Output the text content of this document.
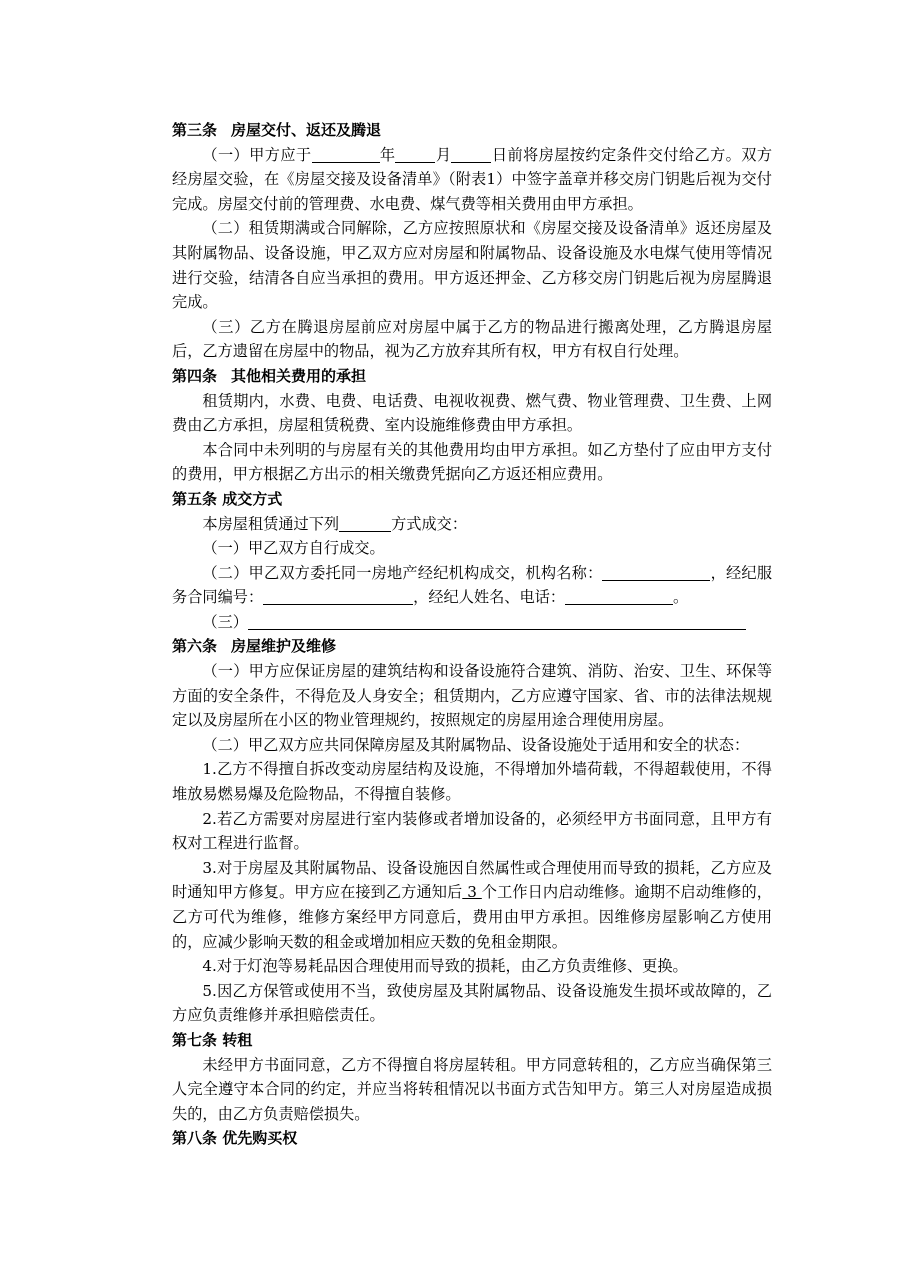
第三条 房屋交付、返还及腾退

（一）甲方应于	年	月	日前将房屋按约定条件交付给乙方。双方经房屋交验，在《房屋交接及设备清单》（附表1）中签字盖章并移交房门钥匙后视为交付完成。房屋交付前的管理费、水电费、煤气费等相关费用由甲方承担。

（二）租赁期满或合同解除，乙方应按照原状和《房屋交接及设备清单》返还房屋及其附属物品、设备设施，甲乙双方应对房屋和附属物品、设备设施及水电煤气使用等情况进行交验，结清各自应当承担的费用。甲方返还押金、乙方移交房门钥匙后视为房屋腾退完成。

（三）乙方在腾退房屋前应对房屋中属于乙方的物品进行搬离处理，乙方腾退房屋后，乙方遗留在房屋中的物品，视为乙方放弃其所有权，甲方有权自行处理。

第四条 其他相关费用的承担

租赁期内，水费、电费、电话费、电视收视费、燃气费、物业管理费、卫生费、上网费由乙方承担，房屋租赁税费、室内设施维修费由甲方承担。

本合同中未列明的与房屋有关的其他费用均由甲方承担。如乙方垫付了应由甲方支付的费用，甲方根据乙方出示的相关缴费凭据向乙方返还相应费用。

第五条 成交方式

本房屋租赁通过下列	方式成交：

（一）甲乙双方自行成交。

（二）甲乙双方委托同一房地产经纪机构成交，机构名称：	，经纪服务合同编号：	，经纪人姓名、电话：	。

（三）

第六条 房屋维护及维修

（一）甲方应保证房屋的建筑结构和设备设施符合建筑、消防、治安、卫生、环保等方面的安全条件，不得危及人身安全；租赁期内，乙方应遵守国家、省、市的法律法规规定以及房屋所在小区的物业管理规约，按照规定的房屋用途合理使用房屋。

（二）甲乙双方应共同保障房屋及其附属物品、设备设施处于适用和安全的状态：

1.乙方不得擅自拆改变动房屋结构及设施，不得增加外墙荷载，不得超载使用，不得堆放易燃易爆及危险物品，不得擅自装修。

2.若乙方需要对房屋进行室内装修或者增加设备的，必须经甲方书面同意，且甲方有权对工程进行监督。

3.对于房屋及其附属物品、设备设施因自然属性或合理使用而导致的损耗，乙方应及时通知甲方修复。甲方应在接到乙方通知后 3 个工作日内启动维修。逾期不启动维修的，乙方可代为维修，维修方案经甲方同意后，费用由甲方承担。因维修房屋影响乙方使用的，应减少影响天数的租金或增加相应天数的免租金期限。

4.对于灯泡等易耗品因合理使用而导致的损耗，由乙方负责维修、更换。

5.因乙方保管或使用不当，致使房屋及其附属物品、设备设施发生损坏或故障的，乙方应负责维修并承担赔偿责任。

第七条 转租

未经甲方书面同意，乙方不得擅自将房屋转租。甲方同意转租的，乙方应当确保第三人完全遵守本合同的约定，并应当将转租情况以书面方式告知甲方。第三人对房屋造成损失的，由乙方负责赔偿损失。

第八条 优先购买权
